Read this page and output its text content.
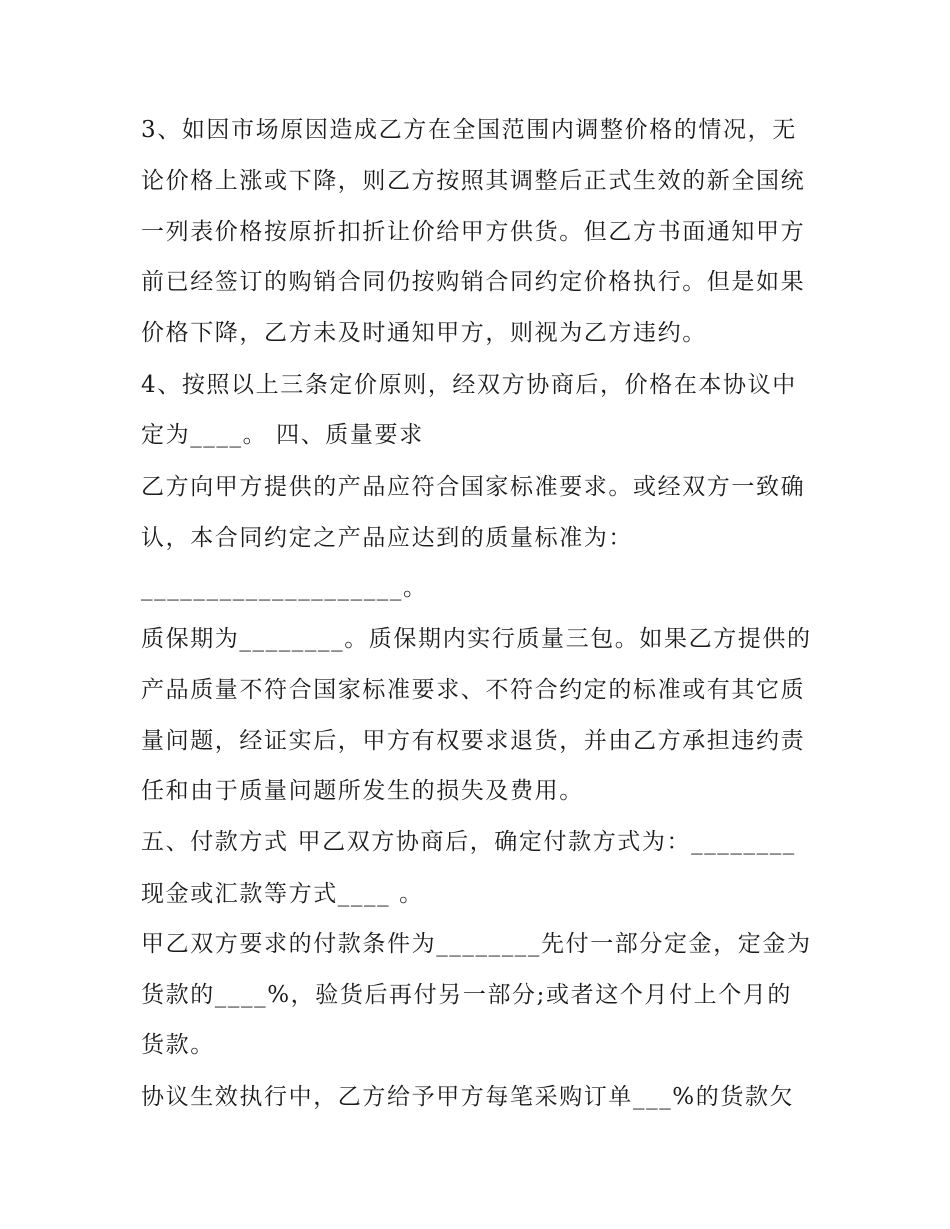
3、如因市场原因造成乙方在全国范围内调整价格的情况，无
论价格上涨或下降，则乙方按照其调整后正式生效的新全国统
一列表价格按原折扣折让价给甲方供货。但乙方书面通知甲方
前已经签订的购销合同仍按购销合同约定价格执行。但是如果
价格下降，乙方未及时通知甲方，则视为乙方违约。
4、按照以上三条定价原则，经双方协商后，价格在本协议中
定为____。 四、质量要求
乙方向甲方提供的产品应符合国家标准要求。或经双方一致确
认，本合同约定之产品应达到的质量标准为：
____________________。
质保期为________。质保期内实行质量三包。如果乙方提供的
产品质量不符合国家标准要求、不符合约定的标准或有其它质
量问题，经证实后，甲方有权要求退货，并由乙方承担违约责
任和由于质量问题所发生的损失及费用。
五、付款方式 甲乙双方协商后，确定付款方式为：________
现金或汇款等方式____ 。
甲乙双方要求的付款条件为________先付一部分定金，定金为
货款的____%，验货后再付另一部分;或者这个月付上个月的
货款。
协议生效执行中，乙方给予甲方每笔采购订单___%的货款欠
